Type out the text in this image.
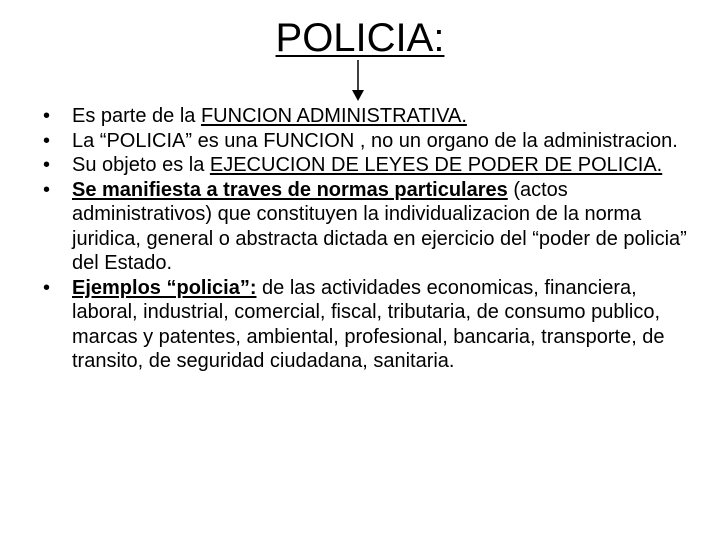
POLICIA:
• Es parte de la FUNCION ADMINISTRATIVA.
• La “POLICIA” es una FUNCION , no un organo de la administracion.
• Su objeto es la EJECUCION DE LEYES DE PODER DE POLICIA.
• Se manifiesta a traves de normas particulares (actos administrativos) que constituyen la individualizacion de la norma juridica, general o abstracta dictada en ejercicio del “poder de policia” del Estado.
• Ejemplos “policia”: de las actividades economicas, financiera, laboral, industrial, comercial, fiscal, tributaria, de consumo publico, marcas y patentes, ambiental, profesional, bancaria, transporte, de transito, de seguridad ciudadana, sanitaria.
